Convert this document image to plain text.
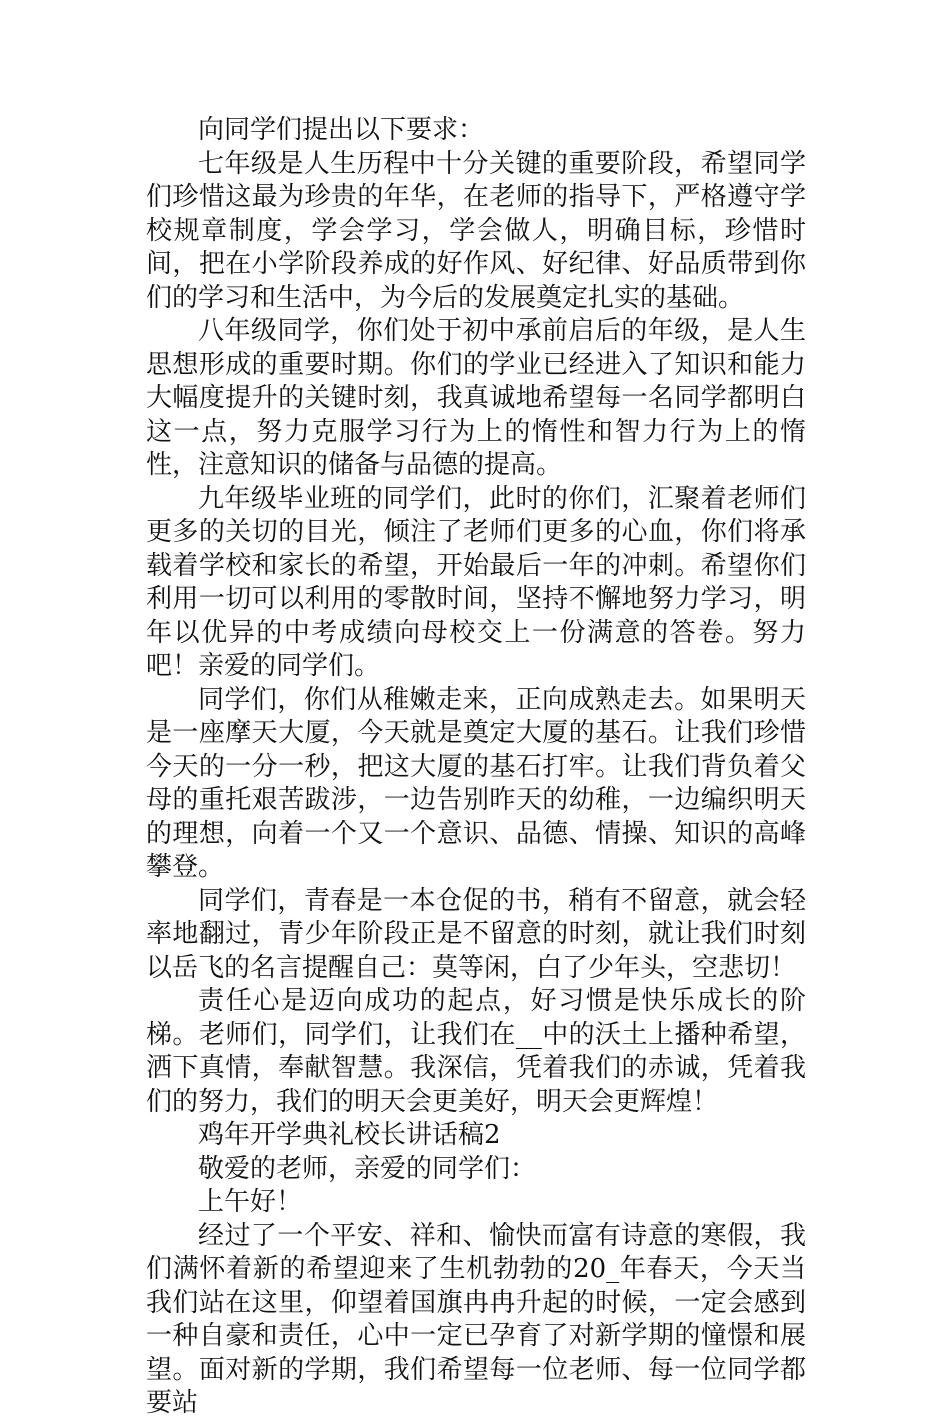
向同学们提出以下要求：

七年级是人生历程中十分关键的重要阶段，希望同学们珍惜这最为珍贵的年华，在老师的指导下，严格遵守学校规章制度，学会学习，学会做人，明确目标，珍惜时间，把在小学阶段养成的好作风、好纪律、好品质带到你们的学习和生活中，为今后的发展奠定扎实的基础。

八年级同学，你们处于初中承前启后的年级，是人生思想形成的重要时期。你们的学业已经进入了知识和能力大幅度提升的关键时刻，我真诚地希望每一名同学都明白这一点，努力克服学习行为上的惰性和智力行为上的惰性，注意知识的储备与品德的提高。

九年级毕业班的同学们，此时的你们，汇聚着老师们更多的关切的目光，倾注了老师们更多的心血，你们将承载着学校和家长的希望，开始最后一年的冲刺。希望你们利用一切可以利用的零散时间，坚持不懈地努力学习，明年以优异的中考成绩向母校交上一份满意的答卷。努力吧！亲爱的同学们。

同学们，你们从稚嫩走来，正向成熟走去。如果明天是一座摩天大厦，今天就是奠定大厦的基石。让我们珍惜今天的一分一秒，把这大厦的基石打牢。让我们背负着父母的重托艰苦跋涉，一边告别昨天的幼稚，一边编织明天的理想，向着一个又一个意识、品德、情操、知识的高峰攀登。

同学们，青春是一本仓促的书，稍有不留意，就会轻率地翻过，青少年阶段正是不留意的时刻，就让我们时刻以岳飞的名言提醒自己：莫等闲，白了少年头，空悲切！

责任心是迈向成功的起点，好习惯是快乐成长的阶梯。老师们，同学们，让我们在__中的沃土上播种希望，洒下真情，奉献智慧。我深信，凭着我们的赤诚，凭着我们的努力，我们的明天会更美好，明天会更辉煌！

鸡年开学典礼校长讲话稿2

敬爱的老师，亲爱的同学们：

上午好！

经过了一个平安、祥和、愉快而富有诗意的寒假，我们满怀着新的希望迎来了生机勃勃的20_年春天，今天当我们站在这里，仰望着国旗冉冉升起的时候，一定会感到一种自豪和责任，心中一定已孕育了对新学期的憧憬和展望。面对新的学期，我们希望每一位老师、每一位同学都要站
